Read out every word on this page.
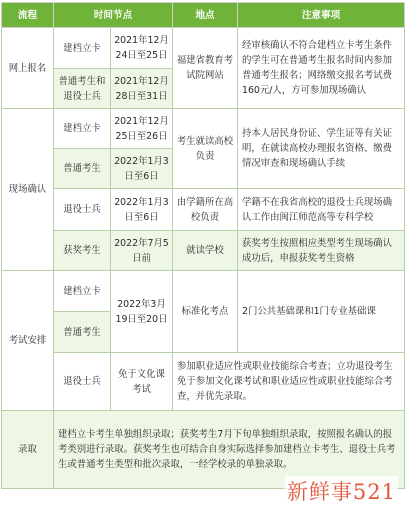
流程	时间节点		地点	注意事项
网上报名	建档立卡	2021年12月24日至25日	福建省教育考试院网站	经审核确认不符合建档立卡考生条件的学生可在普通考生报名时间内参加普通考生报名；网络缴交报名考试费160元/人，方可参加现场确认
	普通考生和退役士兵	2021年12月28日至31日		
现场确认	建档立卡	2021年12月25日至26日	考生就读高校负责	持本人居民身份证、学生证等有关证明，在就读高校办理报名资格、缴费情况审查和现场确认手续
	普通考生	2022年1月3日至6日		
	退役士兵	2022年1月3日至6日	由学籍所在高校负责	学籍不在我省高校的退役士兵现场确认工作由闽江师范高等专科学校
	获奖考生	2022年7月5日前	就读学校	获奖考生按照相应类型考生现场确认成功后，申报获奖考生资格
考试安排	建档立卡	2022年3月19日至20日	标准化考点	2门公共基础课和1门专业基础课
	普通考生			
	退役士兵	免于文化课考试	参加职业适应性或职业技能综合考查；立功退役考生免于参加文化课考试和职业适应性或职业技能综合考查，并优先录取。	
录取	建档立卡考生单独组织录取；获奖考生7月下旬单独组织录取，按照报名确认的报考类别进行录取。获奖考生也可结合自身实际选择参加建档立卡考生、退役士兵考生或普通考生类型和批次录取，一经学校录的单独录取。			
新鲜事521
